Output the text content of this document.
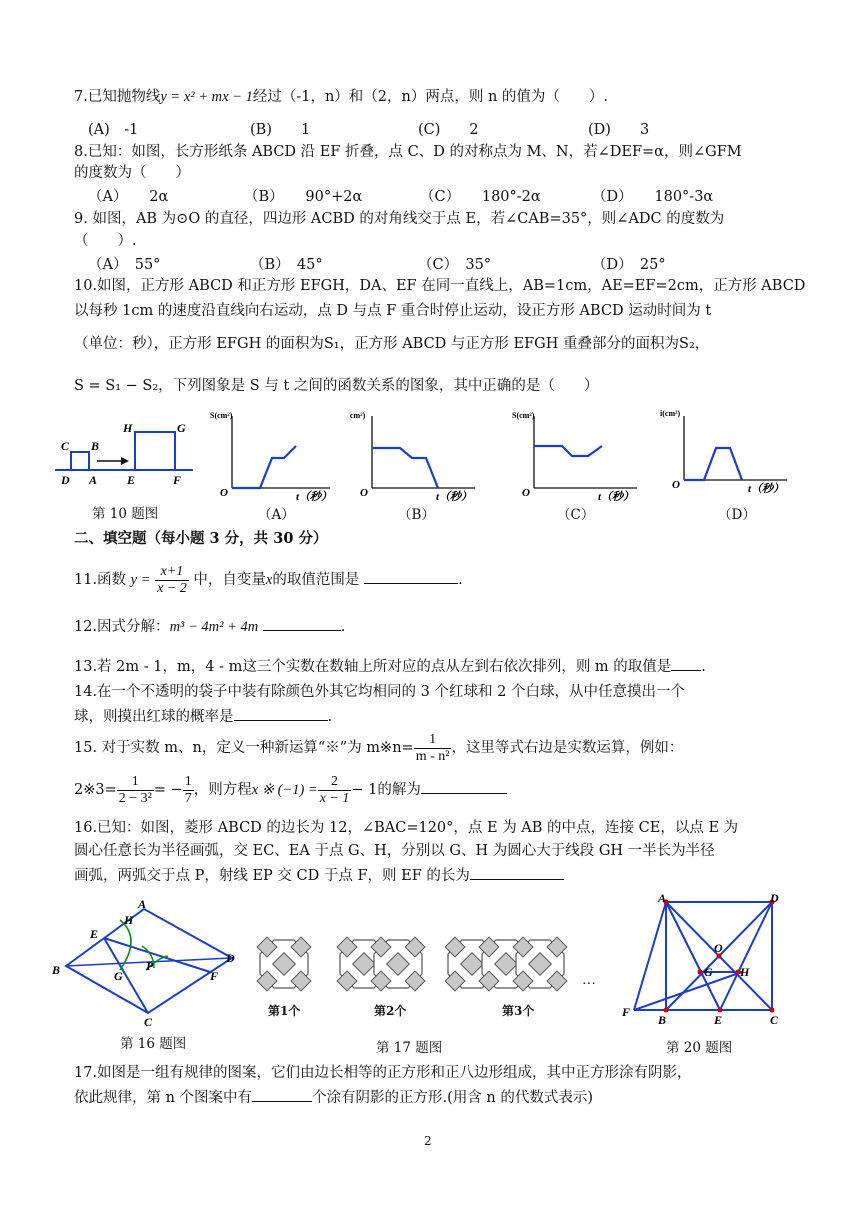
7.已知抛物线y = x² + mx − 1经过（-1，n）和（2，n）两点，则 n 的值为（　　）.
(A)　-1	(B)　　1	(C)　　2	(D)　　3
8.已知：如图，长方形纸条 ABCD 沿 EF 折叠，点 C、D 的对称点为 M、N，若∠DEF=α，则∠GFM
的度数为（　　）
（A）　　2α	（B）　　90°+2α	（C）　　180°-2α	（D）　　180°-3α
9. 如图，AB 为⊙O 的直径，四边形 ACBD 的对角线交于点 E，若∠CAB=35°，则∠ADC 的度数为
（　　）.
（A）　55°	（B）　45°	（C）　35°	（D）　25°
10.如图，正方形 ABCD 和正方形 EFGH，DA、EF 在同一直线上，AB=1cm，AE=EF=2cm，正方形 ABCD
以每秒 1cm 的速度沿直线向右运动，点 D 与点 F 重合时停止运动，设正方形 ABCD 运动时间为 t
（单位：秒），正方形 EFGH 的面积为S₁，正方形 ABCD 与正方形 EFGH 重叠部分的面积为S₂，
S = S₁ − S₂，下列图象是 S 与 t 之间的函数关系的图象，其中正确的是（　　）
C B
H	G
D A E	F
第 10 题图
S(cm²)
O	t（秒）
（A）
cm²)
O	t（秒）
（B）
S(cm²)
O	t（秒）
（C）
i(cm²)
O	t（秒）
（D）
二、填空题（每小题 3 分，共 30 分）
11.函数 $y = \frac{x+1}{x - 2}$ 中，自变量x的取值范围是	.
12.因式分解：m³ − 4m² + 4m	.
13.若 2m - 1，m，4 - m这三个实数在数轴上所对应的点从左到右依次排列，则 m 的取值是 .
14.在一个不透明的袋子中装有除颜色外其它均相同的 3 个红球和 2 个白球，从中任意摸出一个
球，则摸出红球的概率是	.
15. 对于实数 m、n，定义一种新运算“※”为 m※n= $\frac{1}{\text{m - n²}}$ ，这里等式右边是实数运算，例如：
2※3= $\frac{1}{\text{2 − 3²}}$ = − $\frac{1}{7}$ ，则方程x ※ $(-1) = \frac{2}{x - 1} - 1$的解为
16.已知：如图，菱形 ABCD 的边长为 12，∠BAC=120°，点 E 为 AB 的中点，连接 CE，以点 E 为
圆心任意长为半径画弧，交 EC、EA 于点 G、H，分别以 G、H 为圆心大于线段 GH 一半长为半径
画弧，两弧交于点 P，射线 EP 交 CD 于点 F，则 EF 的长为
A
B
C
D
E
F
G
H
P
第 16 题图
…
第1个	第2个	第3个
第 17 题图
A	D
O
G H
F
B	E	C
第 20 题图
17.如图是一组有规律的图案，它们由边长相等的正方形和正八边形组成，其中正方形涂有阴影，
依此规律，第 n 个图案中有	个涂有阴影的正方形.(用含 n 的代数式表示)
2
